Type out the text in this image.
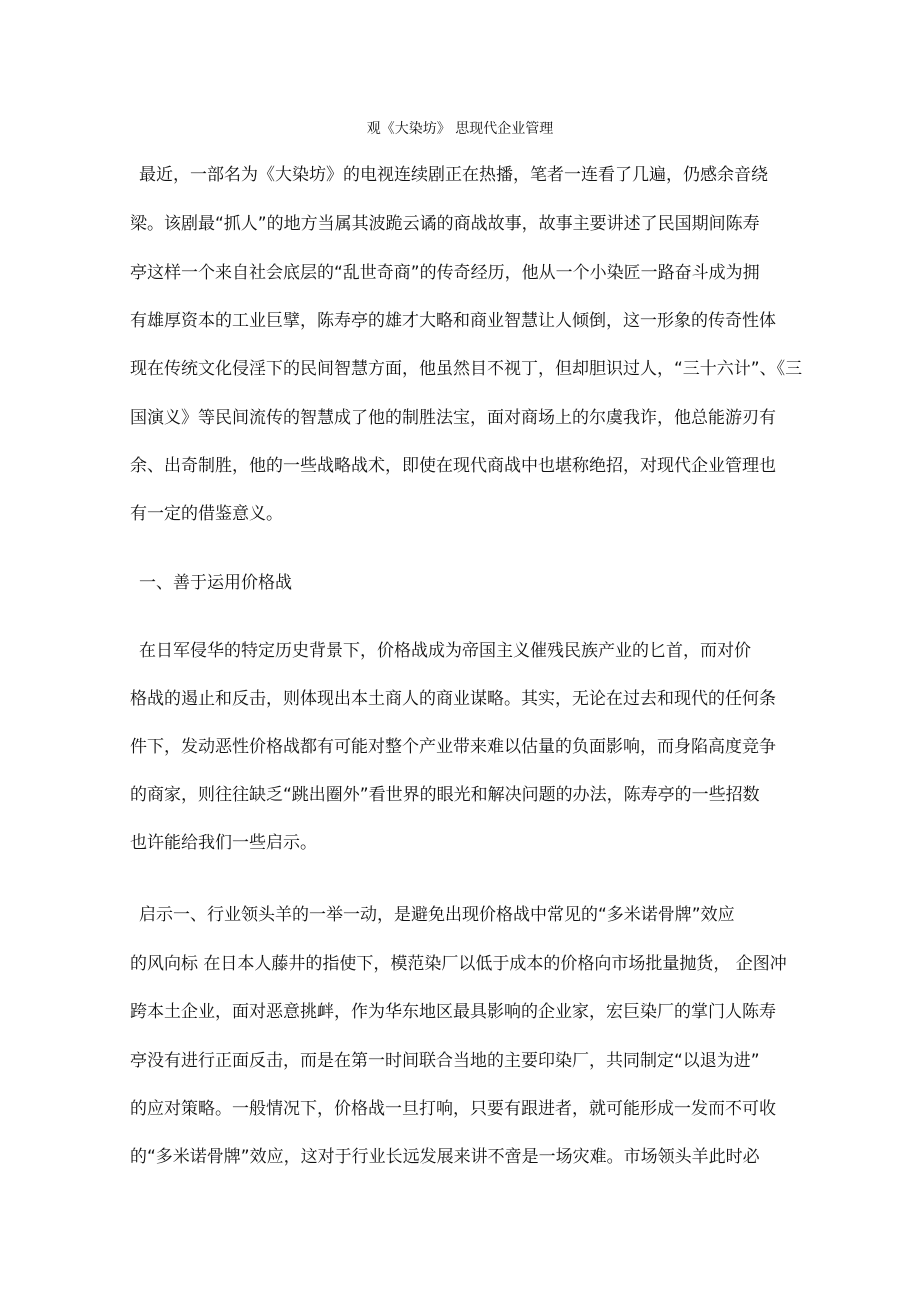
观《大染坊》 思现代企业管理
最近，一部名为《大染坊》的电视连续剧正在热播，笔者一连看了几遍，仍感余音绕
梁。该剧最“抓人”的地方当属其波跪云谲的商战故事，故事主要讲述了民国期间陈寿
亭这样一个来自社会底层的“乱世奇商”的传奇经历，他从一个小染匠一路奋斗成为拥
有雄厚资本的工业巨擘，陈寿亭的雄才大略和商业智慧让人倾倒，这一形象的传奇性体
现在传统文化侵淫下的民间智慧方面，他虽然目不视丁，但却胆识过人，“三十六计”、《三
国演义》等民间流传的智慧成了他的制胜法宝，面对商场上的尔虞我诈，他总能游刃有
余、出奇制胜，他的一些战略战术，即使在现代商战中也堪称绝招，对现代企业管理也
有一定的借鉴意义。
一、善于运用价格战
在日军侵华的特定历史背景下，价格战成为帝国主义催残民族产业的匕首，而对价
格战的遏止和反击，则体现出本土商人的商业谋略。其实，无论在过去和现代的任何条
件下，发动恶性价格战都有可能对整个产业带来难以估量的负面影响，而身陷高度竞争
的商家，则往往缺乏“跳出圈外”看世界的眼光和解决问题的办法，陈寿亭的一些招数
也许能给我们一些启示。
启示一、行业领头羊的一举一动，是避免出现价格战中常见的“多米诺骨牌”效应
的风向标 在日本人藤井的指使下，模范染厂以低于成本的价格向市场批量抛货， 企图冲
跨本土企业，面对恶意挑衅，作为华东地区最具影响的企业家，宏巨染厂的掌门人陈寿
亭没有进行正面反击，而是在第一时间联合当地的主要印染厂，共同制定“以退为进”
的应对策略。一般情况下，价格战一旦打响，只要有跟进者，就可能形成一发而不可收
的“多米诺骨牌”效应，这对于行业长远发展来讲不啻是一场灾难。市场领头羊此时必
